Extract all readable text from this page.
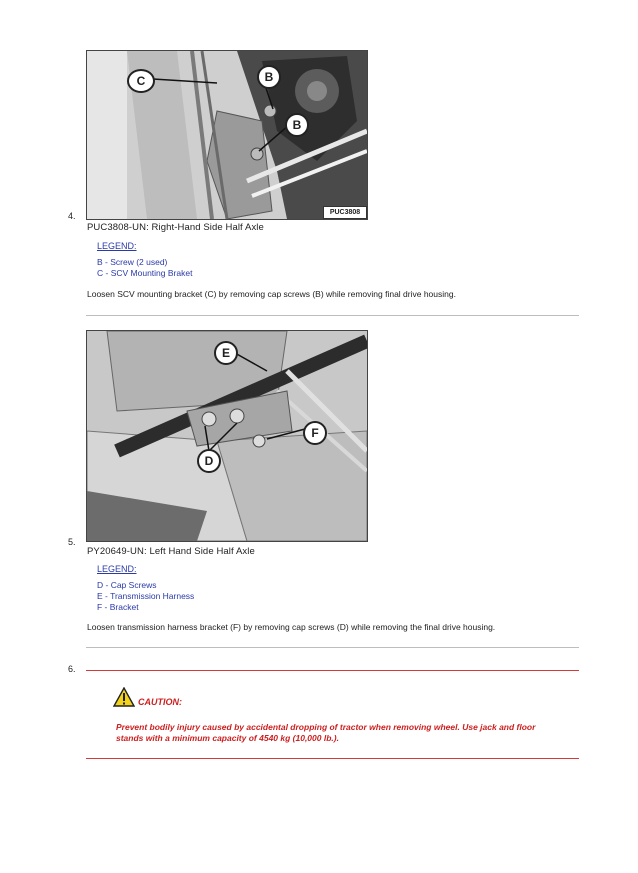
B
B
C
PUC3808
4.
PUC3808-UN: Right-Hand Side Half Axle
LEGEND:
B - Screw (2 used)
C - SCV Mounting Braket
Loosen SCV mounting bracket (C) by removing cap screws (B) while removing final drive housing.
E
F
D
5.
PY20649-UN: Left Hand Side Half Axle
LEGEND:
D - Cap Screws
E - Transmission Harness
F - Bracket
Loosen transmission harness bracket (F) by removing cap screws (D) while removing the final drive housing.
6.
CAUTION:
Prevent bodily injury caused by accidental dropping of tractor when removing wheel. Use jack and floor
stands with a minimum capacity of 4540 kg (10,000 lb.).
